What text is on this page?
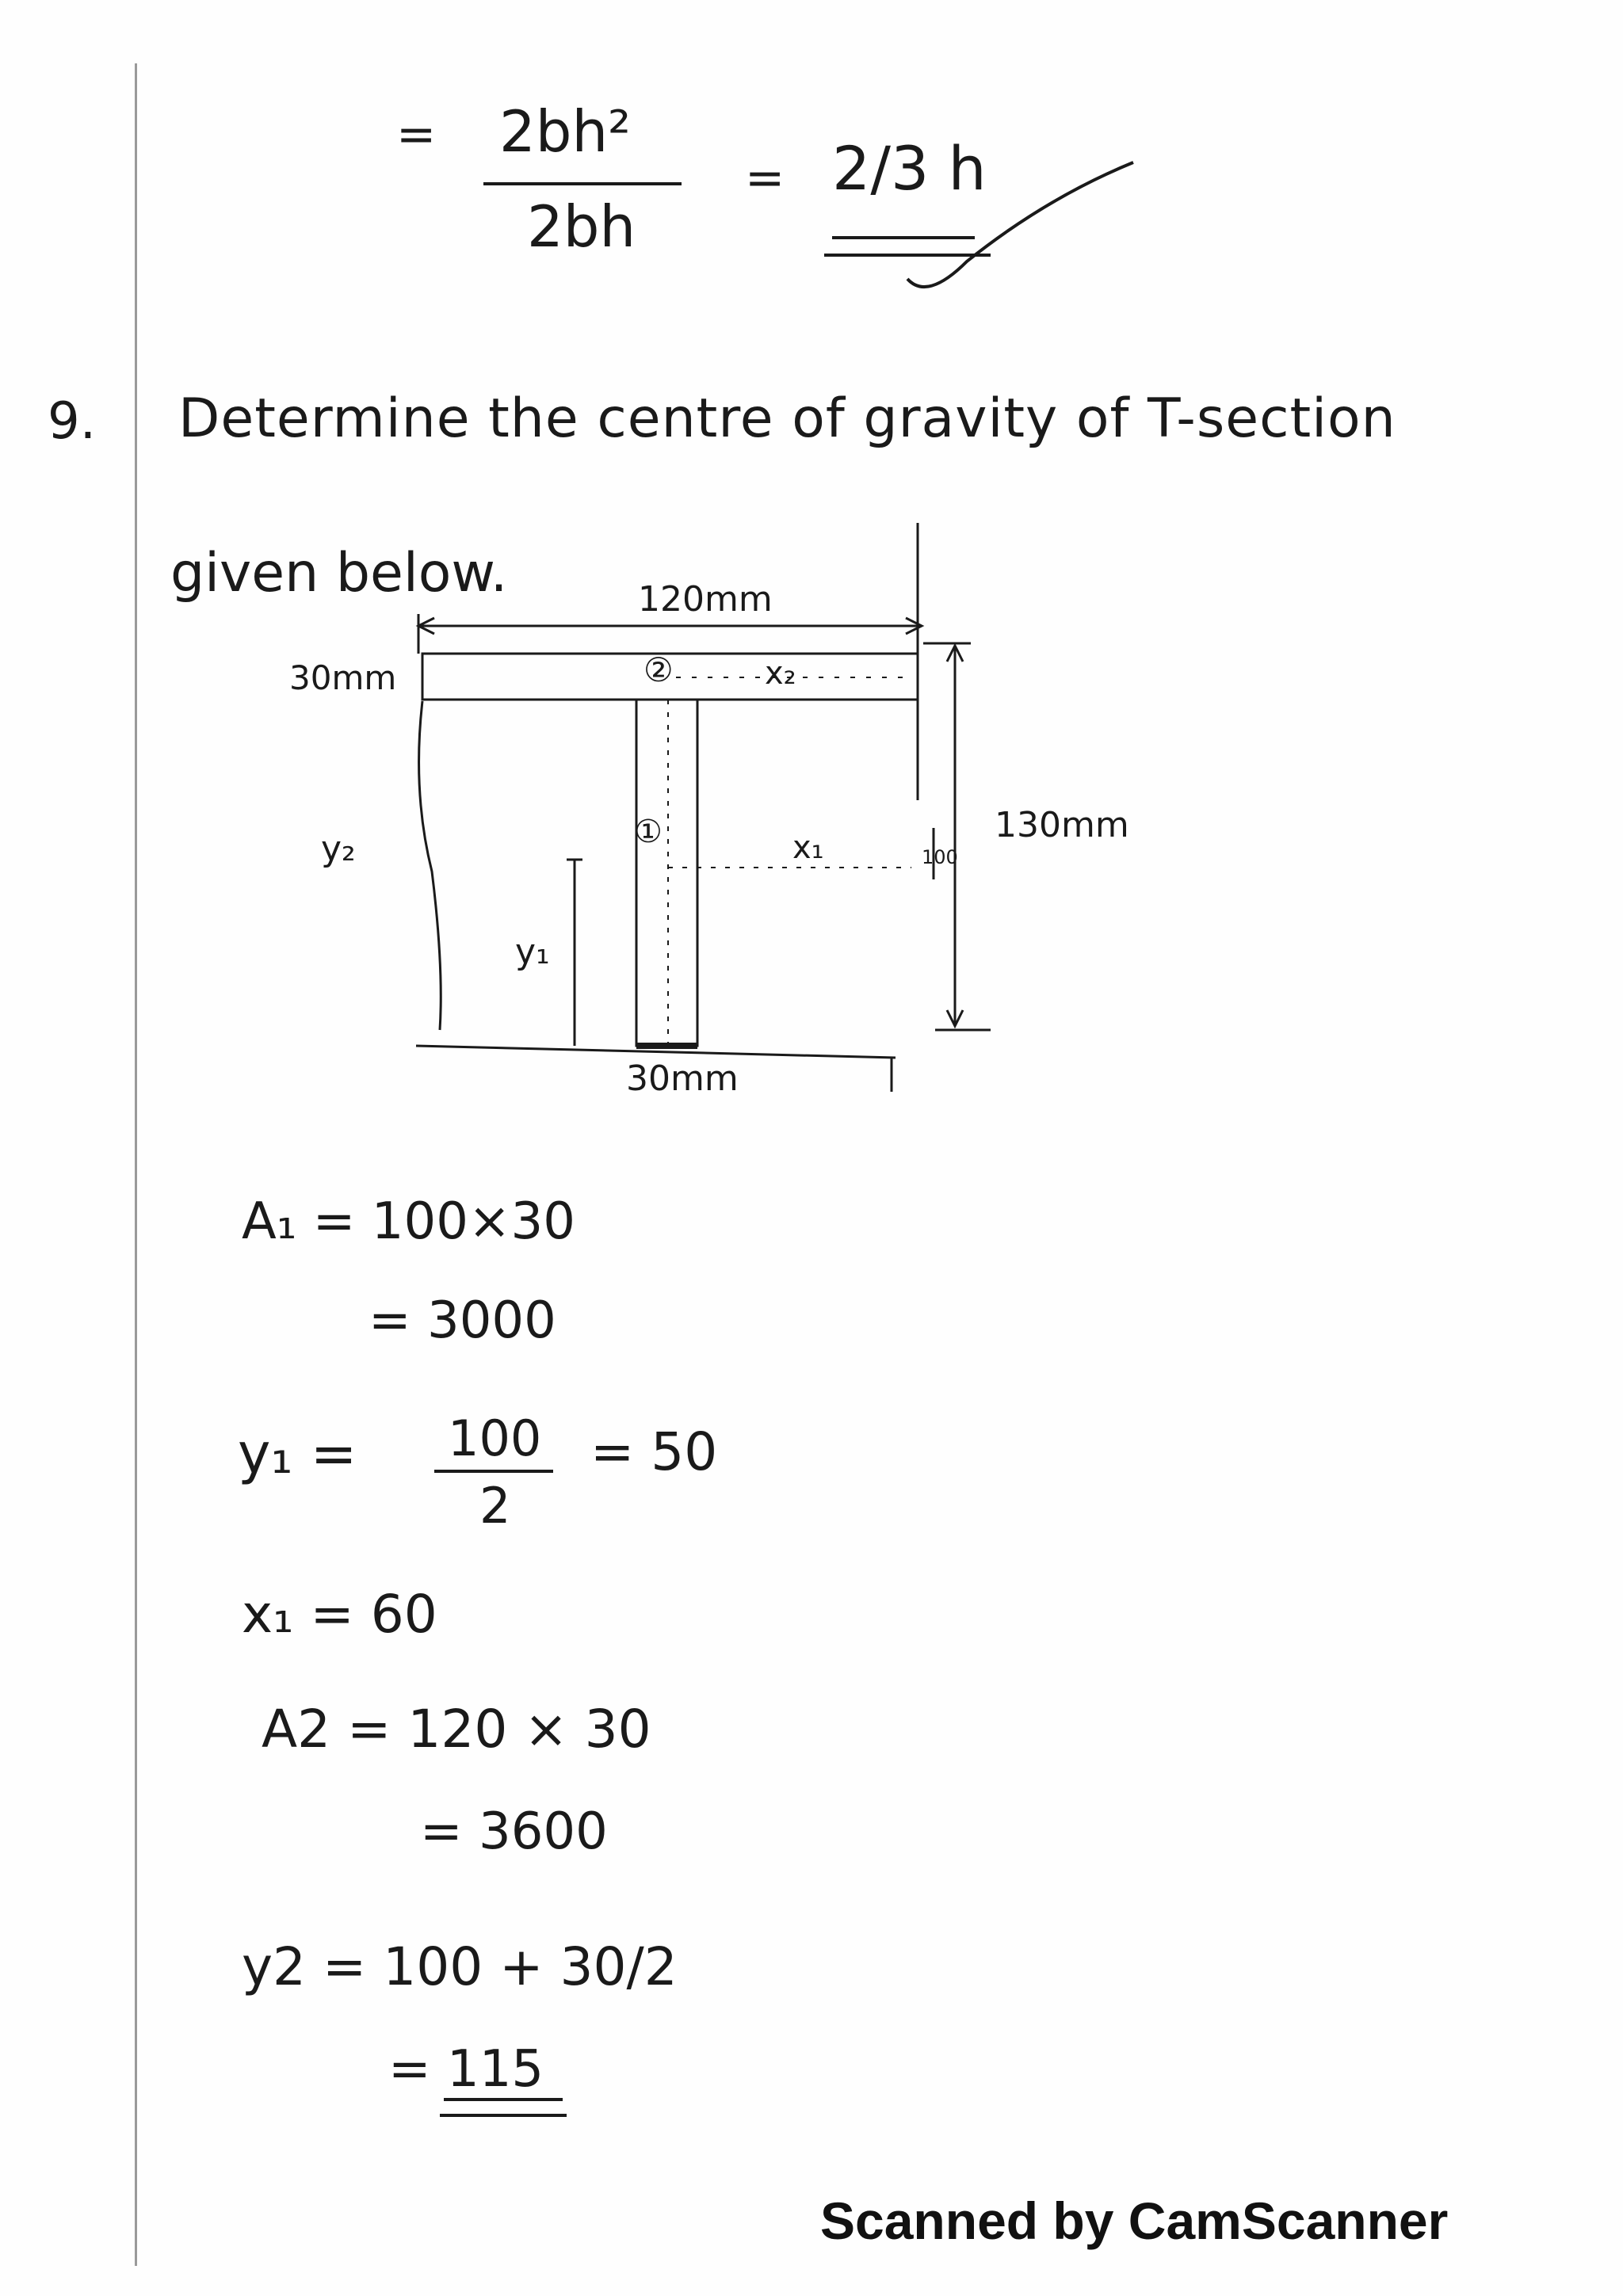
= 2bh²
2bh
= 2/3 h
9. Determine the centre of gravity of T-section
given below.	120mm
30mm	②	x₂
130mm
y₂	①	x₁	100
y₁
30mm
A₁ = 100×30
= 3000
y₁ = 100
2
= 50
x₁ = 60
A2 = 120 × 30
= 3600
y2 = 100 + 30/2
= 115
Scanned by CamScanner
